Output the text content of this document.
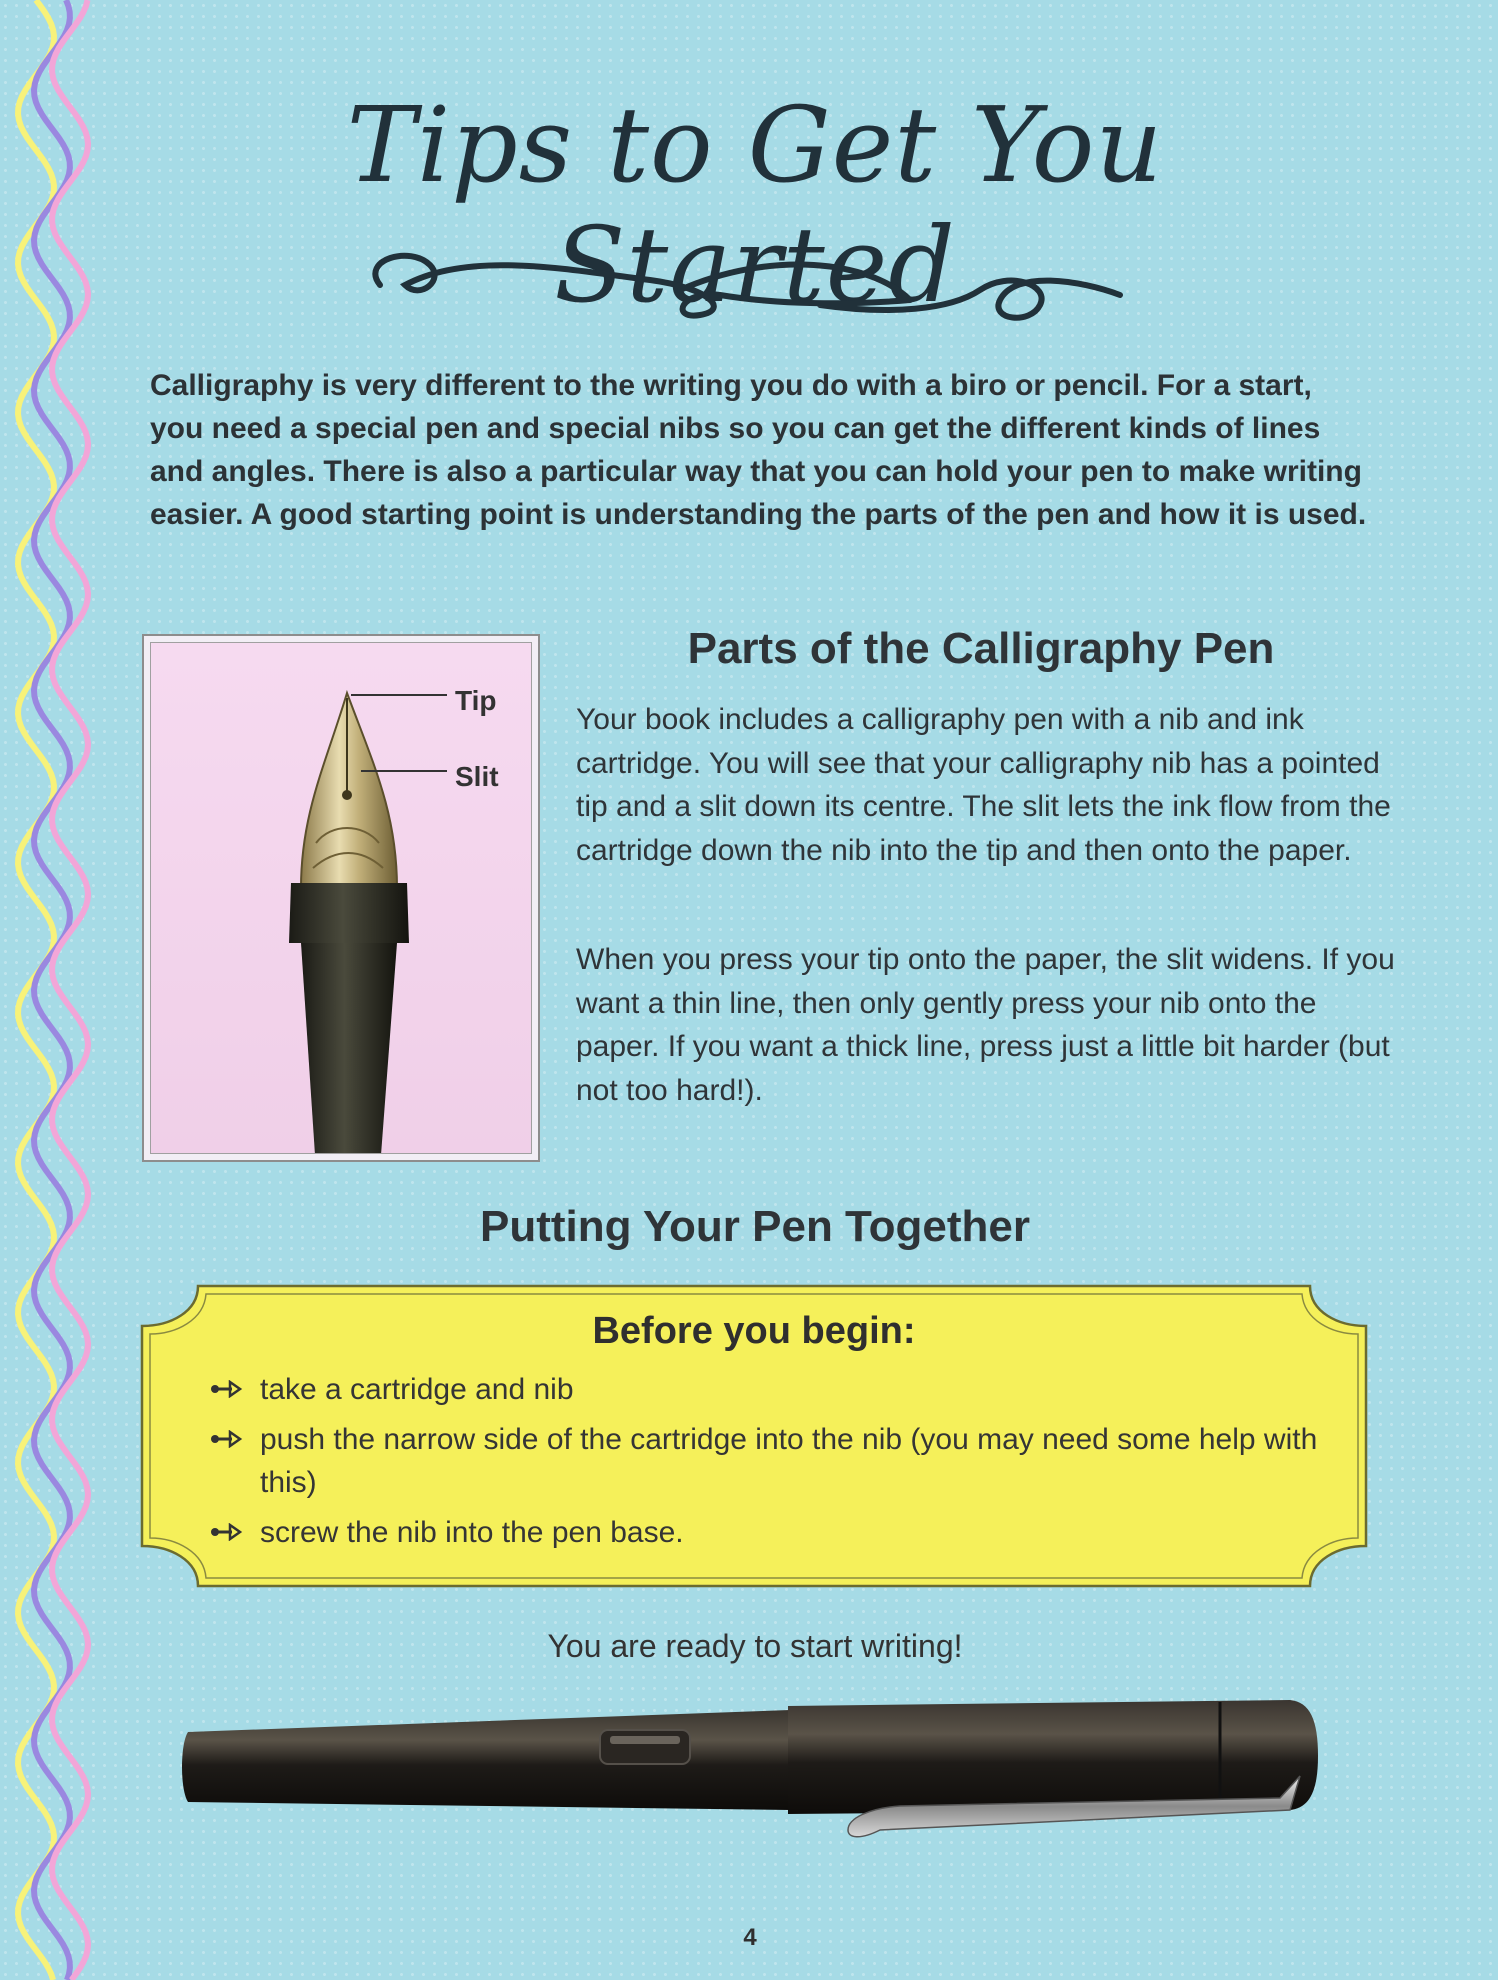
Tips to Get You Started

Calligraphy is very different to the writing you do with a biro or pencil. For a start, you need a special pen and special nibs so you can get the different kinds of lines and angles. There is also a particular way that you can hold your pen to make writing easier. A good starting point is understanding the parts of the pen and how it is used.

Tip
Slit
Parts of the Calligraphy Pen

Your book includes a calligraphy pen with a nib and ink cartridge. You will see that your calligraphy nib has a pointed tip and a slit down its centre. The slit lets the ink flow from the cartridge down the nib into the tip and then onto the paper.

When you press your tip onto the paper, the slit widens. If you want a thin line, then only gently press your nib onto the paper. If you want a thick line, press just a little bit harder (but not too hard!).

Putting Your Pen Together
Before you begin:
take a cartridge and nib
push the narrow side of the cartridge into the nib (you may need some help with this)
screw the nib into the pen base.

You are ready to start writing!

4
